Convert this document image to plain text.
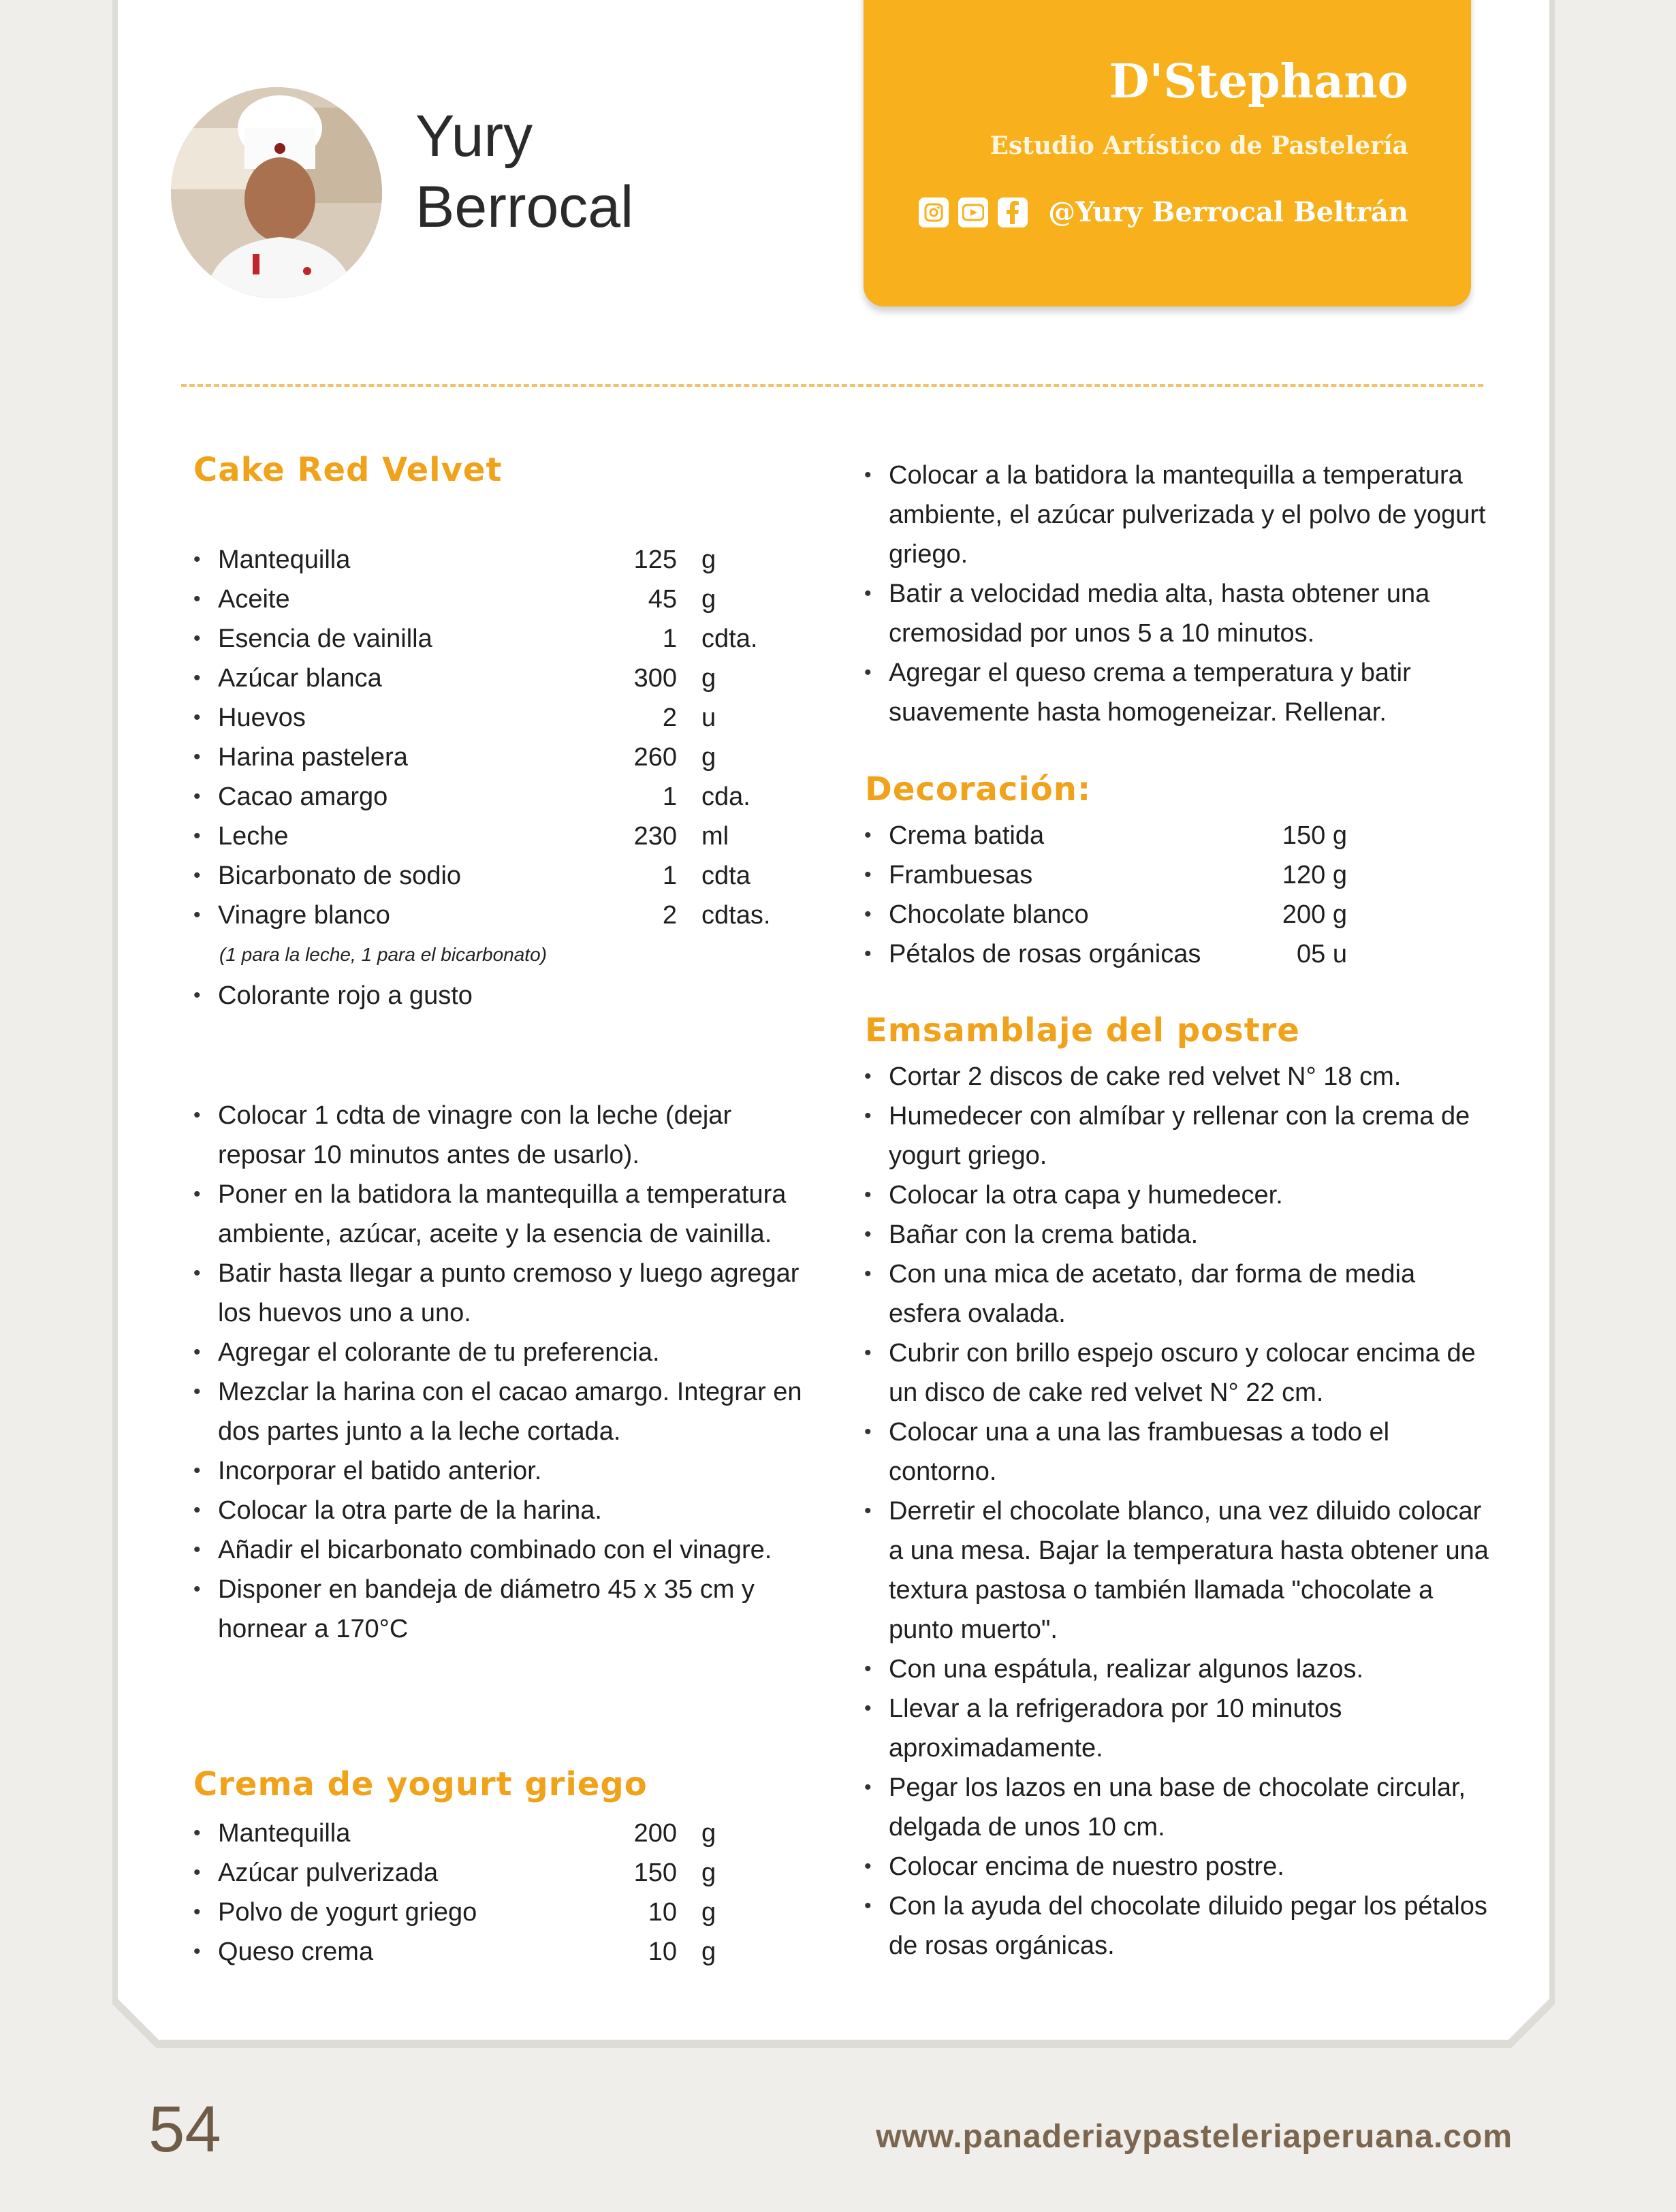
Yury
Berrocal
D'Stephano
Estudio Artístico de Pastelería
@Yury Berrocal Beltrán
Cake Red Velvet
• Mantequilla	125 g
• Aceite	45 g
• Esencia de vainilla	1 cdta.
• Azúcar blanca	300 g
• Huevos	2 u
• Harina pastelera	260 g
• Cacao amargo	1 cda.
• Leche	230 ml
• Bicarbonato de sodio	1 cdta
• Vinagre blanco	2 cdtas.
(1 para la leche, 1 para el bicarbonato)
• Colorante rojo a gusto
• Colocar 1 cdta de vinagre con la leche (dejar reposar 10 minutos antes de usarlo).
• Poner en la batidora la mantequilla a temperatura ambiente, azúcar, aceite y la esencia de vainilla.
• Batir hasta llegar a punto cremoso y luego agregar los huevos uno a uno.
• Agregar el colorante de tu preferencia.
• Mezclar la harina con el cacao amargo. Integrar en dos partes junto a la leche cortada.
• Incorporar el batido anterior.
• Colocar la otra parte de la harina.
• Añadir el bicarbonato combinado con el vinagre.
• Disponer en bandeja de diámetro 45 x 35 cm y hornear a 170°C
Crema de yogurt griego
• Mantequilla	200 g
• Azúcar pulverizada	150 g
• Polvo de yogurt griego	10 g
• Queso crema	10 g
• Colocar a la batidora la mantequilla a temperatura ambiente, el azúcar pulverizada y el polvo de yogurt griego.
• Batir a velocidad media alta, hasta obtener una cremosidad por unos 5 a 10 minutos.
• Agregar el queso crema a temperatura y batir suavemente hasta homogeneizar. Rellenar.
Decoración:
• Crema batida	150 g
• Frambuesas	120 g
• Chocolate blanco	200 g
• Pétalos de rosas orgánicas	05 u
Emsamblaje del postre
• Cortar 2 discos de cake red velvet N° 18 cm.
• Humedecer con almíbar y rellenar con la crema de yogurt griego.
• Colocar la otra capa y humedecer.
• Bañar con la crema batida.
• Con una mica de acetato, dar forma de media esfera ovalada.
• Cubrir con brillo espejo oscuro y colocar encima de un disco de cake red velvet N° 22 cm.
• Colocar una a una las frambuesas a todo el contorno.
• Derretir el chocolate blanco, una vez diluido colocar a una mesa. Bajar la temperatura hasta obtener una textura pastosa o también llamada "chocolate a punto muerto".
• Con una espátula, realizar algunos lazos.
• Llevar a la refrigeradora por 10 minutos aproximadamente.
• Pegar los lazos en una base de chocolate circular, delgada de unos 10 cm.
• Colocar encima de nuestro postre.
• Con la ayuda del chocolate diluido pegar los pétalos de rosas orgánicas.
54	www.panaderiaypasteleriaperuana.com
